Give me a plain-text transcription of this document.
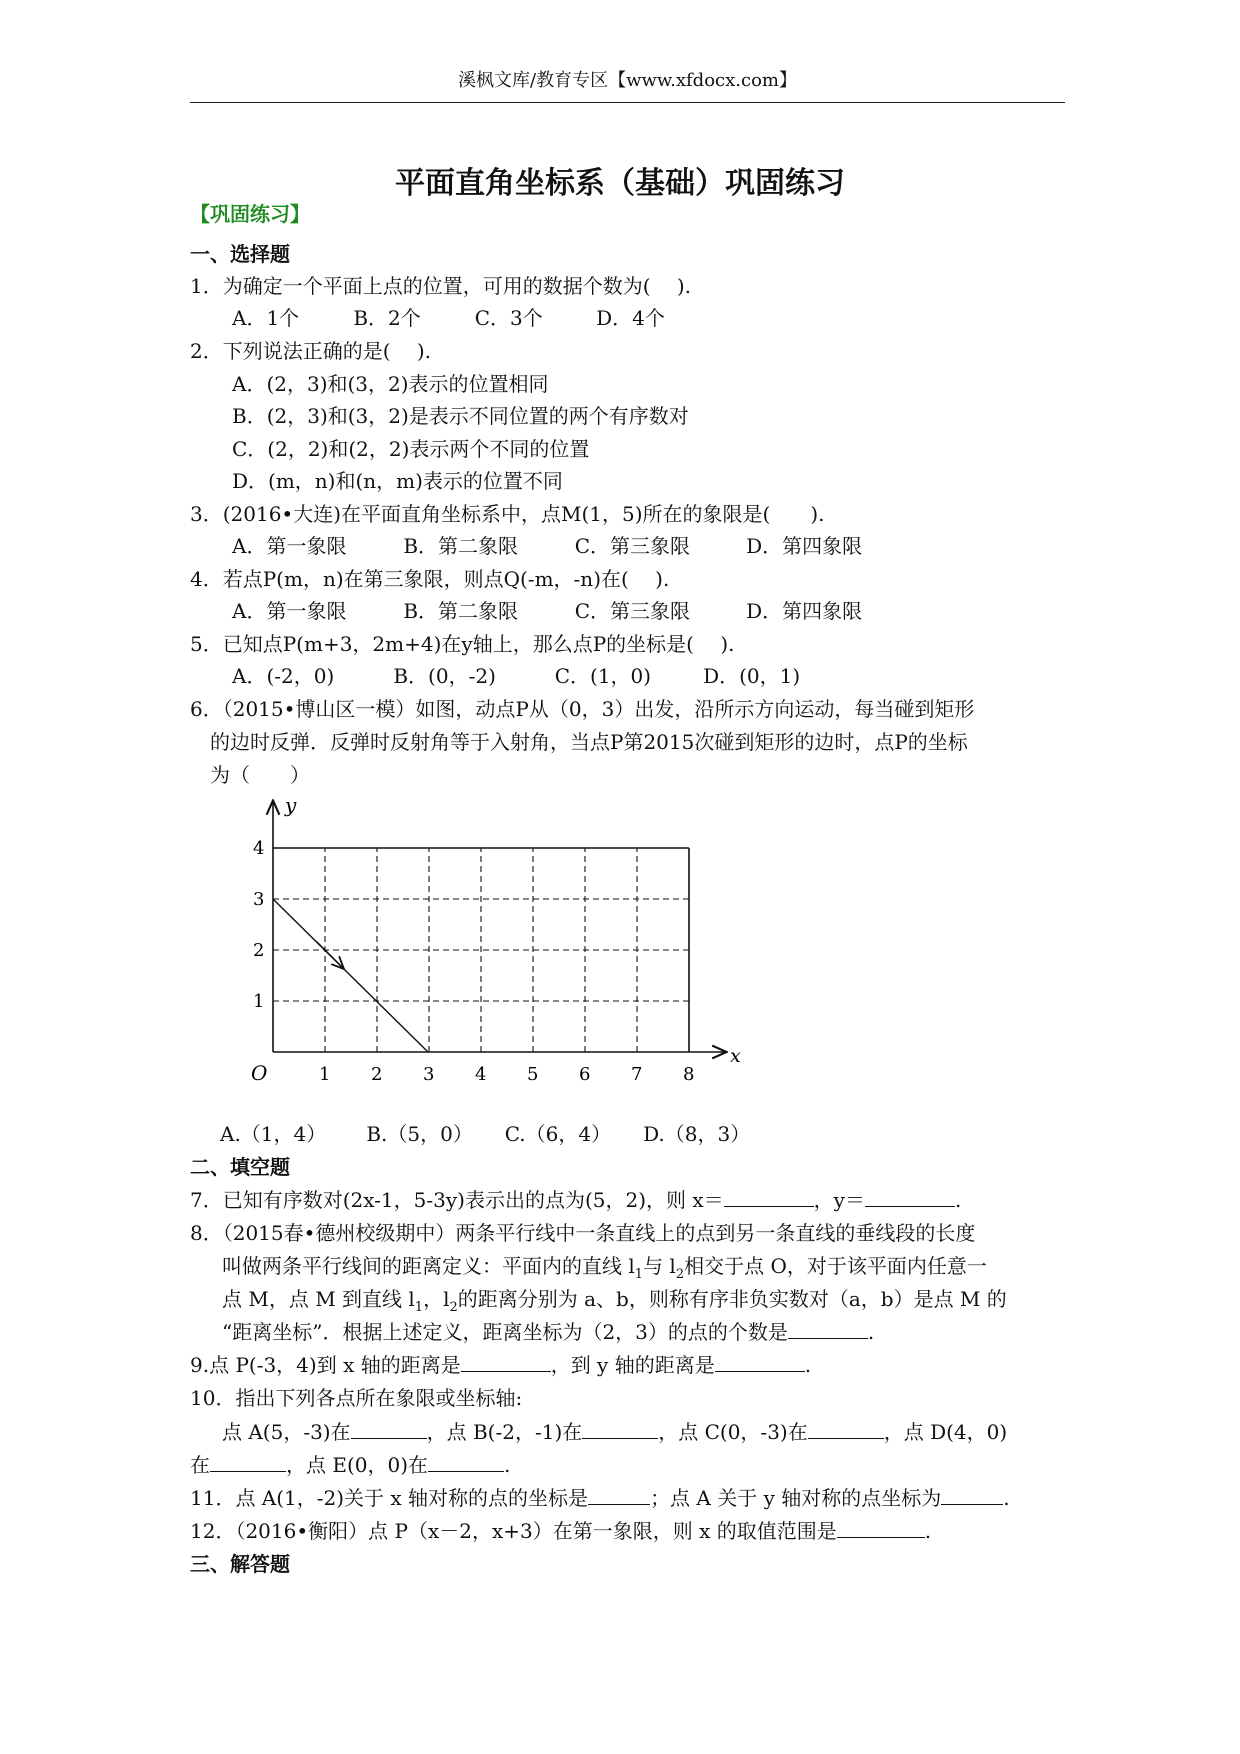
溪枫文库/教育专区【www.xfdocx.com】
平面直角坐标系（基础）巩固练习
【巩固练习】
一、选择题
1．为确定一个平面上点的位置，可用的数据个数为(　 ).
A．1个	B．2个	C．3个	D．4个
2．下列说法正确的是(　 ).
A．(2，3)和(3，2)表示的位置相同
B．(2，3)和(3，2)是表示不同位置的两个有序数对
C．(2，2)和(2，2)表示两个不同的位置
D．(m，n)和(n，m)表示的位置不同
3．(2016•大连)在平面直角坐标系中，点M(1，5)所在的象限是(　　).
A．第一象限	B．第二象限	C．第三象限	D．第四象限
4．若点P(m，n)在第三象限，则点Q(-m，-n)在(　 ).
A．第一象限	B．第二象限	C．第三象限	D．第四象限
5．已知点P(m+3，2m+4)在y轴上，那么点P的坐标是(　 ).
A．(-2，0)	B．(0，-2)	C．(1，0)	D．(0，1)
6．（2015•博山区一模）如图，动点P从（0，3）出发，沿所示方向运动，每当碰到矩形
的边时反弹．反弹时反射角等于入射角，当点P第2015次碰到矩形的边时，点P的坐标
为（　　）
y
x
O	1 2 3 4 5 6 7 8
1
2
3
4
A.（1，4） B.（5，0） C.（6，4） D.（8，3）
二、填空题
7．已知有序数对(2x-1，5-3y)表示出的点为(5，2)，则 x＝	，y＝	.
8．（2015春•德州校级期中）两条平行线中一条直线上的点到另一条直线的垂线段的长度
叫做两条平行线间的距离定义：平面内的直线 $l_1$与 $l_2$相交于点 O，对于该平面内任意一
点 M，点 M 到直线 $l_1$，$l_2$的距离分别为 a、b，则称有序非负实数对（a，b）是点 M 的
“距离坐标”．根据上述定义，距离坐标为（2，3）的点的个数是	.
9.点 P(-3，4)到 x 轴的距离是	，到 y 轴的距离是	.
10．指出下列各点所在象限或坐标轴:
点 A(5，-3)在	，点 B(-2，-1)在	，点 C(0，-3)在	，点 D(4，0)
在	，点 E(0，0)在	.
11．点 A(1，-2)关于 x 轴对称的点的坐标是	；点 A 关于 y 轴对称的点坐标为	.
12．（2016•衡阳）点 P（x－2，x+3）在第一象限，则 x 的取值范围是	.
三、解答题
